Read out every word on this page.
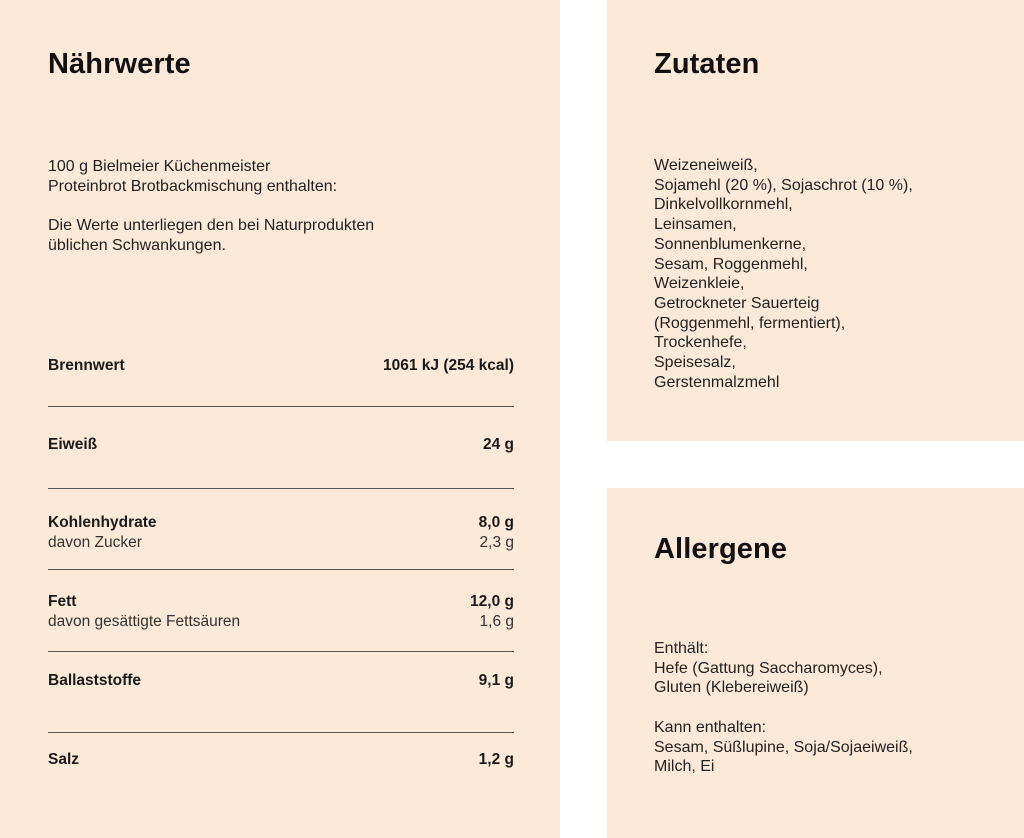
Nährwerte
100 g Bielmeier Küchenmeister
Proteinbrot Brotbackmischung enthalten:
Die Werte unterliegen den bei Naturprodukten
üblichen Schwankungen.
Brennwert	1061 kJ (254 kcal)
Eiweiß	24 g
Kohlenhydrate	8,0 g
davon Zucker	2,3 g
Fett	12,0 g
davon gesättigte Fettsäuren	1,6 g
Ballaststoffe	9,1 g
Salz	1,2 g
Zutaten
Weizeneiweiß,
Sojamehl (20 %), Sojaschrot (10 %),
Dinkelvollkornmehl,
Leinsamen,
Sonnenblumenkerne,
Sesam, Roggenmehl,
Weizenkleie,
Getrockneter Sauerteig
(Roggenmehl, fermentiert),
Trockenhefe,
Speisesalz,
Gerstenmalzmehl
Allergene
Enthält:
Hefe (Gattung Saccharomyces),
Gluten (Klebereiweiß)
Kann enthalten:
Sesam, Süßlupine, Soja/Sojaeiweiß,
Milch, Ei
